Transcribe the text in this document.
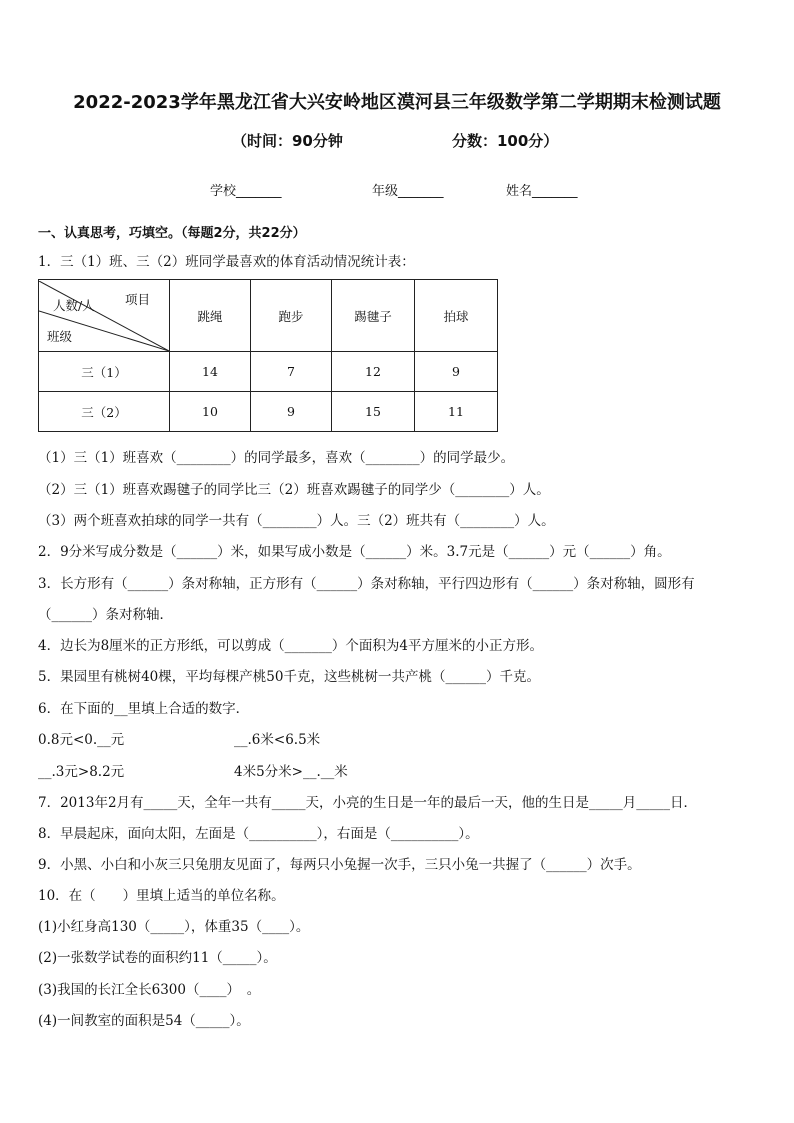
2022-2023学年黑龙江省大兴安岭地区漠河县三年级数学第二学期期末检测试题
（时间：90分钟	分数：100分）
学校_______	年级_______	姓名_______
一、认真思考，巧填空。（每题2分，共22分）
1．三（1）班、三（2）班同学最喜欢的体育活动情况统计表：
项目
人数/人
班级	跳绳	跑步	踢毽子	拍球
三（1）	14	7	12	9
三（2）	10	9	15	11
（1）三（1）班喜欢（________）的同学最多，喜欢（________）的同学最少。
（2）三（1）班喜欢踢毽子的同学比三（2）班喜欢踢毽子的同学少（________）人。
（3）两个班喜欢拍球的同学一共有（________）人。三（2）班共有（________）人。
2．9分米写成分数是（______）米，如果写成小数是（______）米。3.7元是（______）元（______）角。
3．长方形有（______）条对称轴，正方形有（______）条对称轴，平行四边形有（______）条对称轴，圆形有
（______）条对称轴．
4．边长为8厘米的正方形纸，可以剪成（_______）个面积为4平方厘米的小正方形。
5．果园里有桃树40棵，平均每棵产桃50千克，这些桃树一共产桃（______）千克。
6．在下面的__里填上合适的数字．
0.8元<0.__元	__.6米<6.5米
__.3元>8.2元	4米5分米>__.__米
7．2013年2月有_____天，全年一共有_____天，小亮的生日是一年的最后一天，他的生日是_____月_____日．
8．早晨起床，面向太阳，左面是（__________），右面是（__________）。
9．小黑、小白和小灰三只兔朋友见面了，每两只小兔握一次手，三只小兔一共握了（______）次手。
10．在（　　）里填上适当的单位名称。
(1)小红身高130（_____），体重35（____）。
(2)一张数学试卷的面积约11（_____）。
(3)我国的长江全长6300（____）　。
(4)一间教室的面积是54（_____）。
